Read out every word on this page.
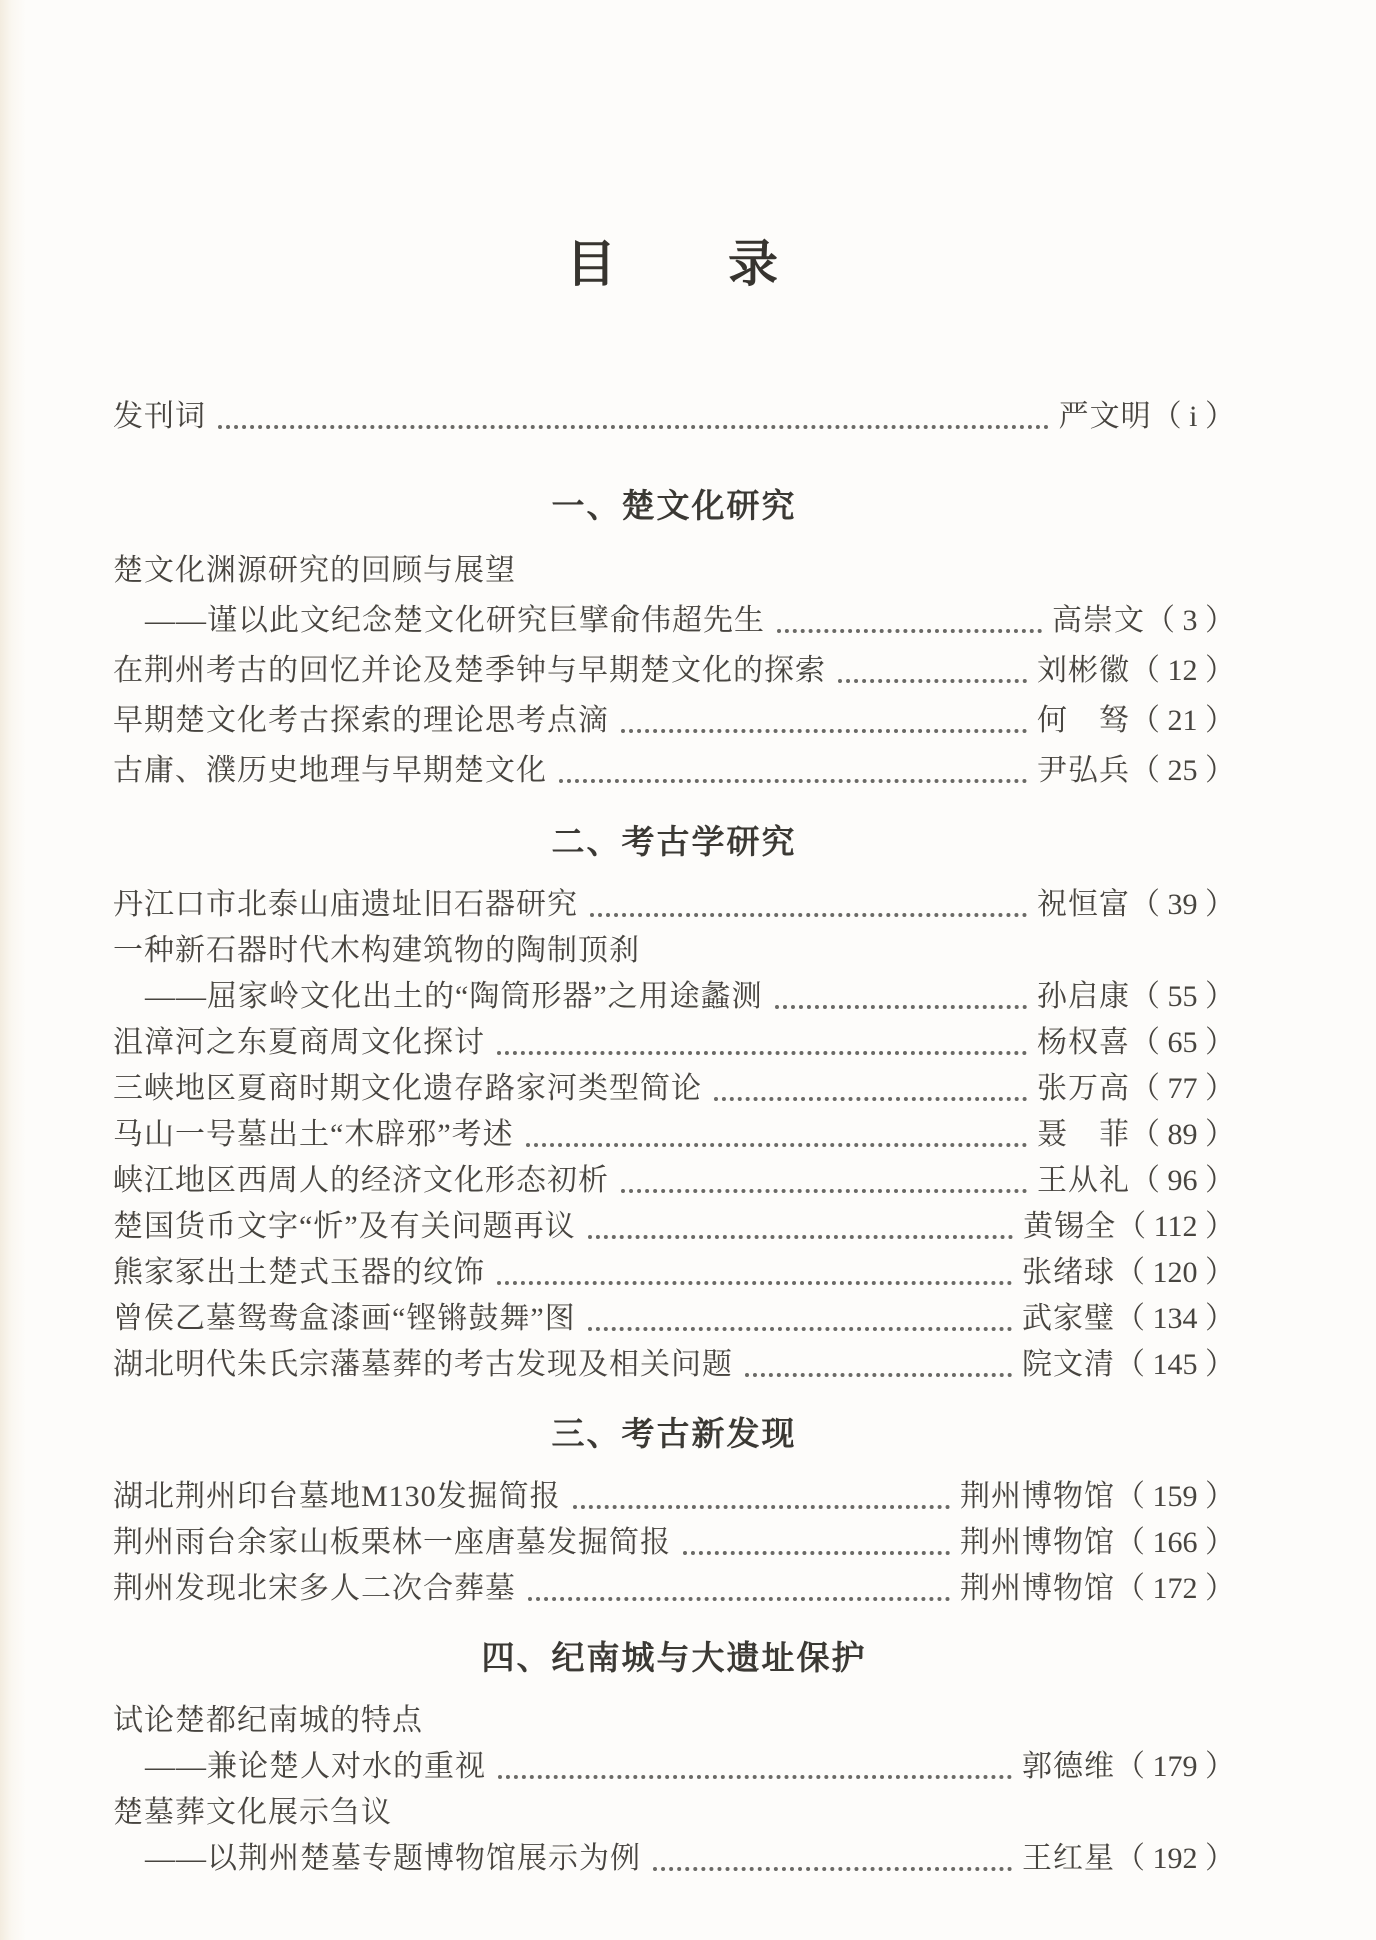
目　　录
发刊词	严文明 （ i ）
一、楚文化研究
楚文化渊源研究的回顾与展望
——谨以此文纪念楚文化研究巨擘俞伟超先生	高崇文 （ 3 ）
在荆州考古的回忆并论及楚季钟与早期楚文化的探索	刘彬徽 （ 12 ）
早期楚文化考古探索的理论思考点滴	何　驽 （ 21 ）
古庸、濮历史地理与早期楚文化	尹弘兵 （ 25 ）
二、考古学研究
丹江口市北泰山庙遗址旧石器研究	祝恒富 （ 39 ）
一种新石器时代木构建筑物的陶制顶刹
——屈家岭文化出土的“陶筒形器”之用途蠡测	孙启康 （ 55 ）
沮漳河之东夏商周文化探讨	杨权喜 （ 65 ）
三峡地区夏商时期文化遗存路家河类型简论	张万高 （ 77 ）
马山一号墓出土“木辟邪”考述	聂　菲 （ 89 ）
峡江地区西周人的经济文化形态初析	王从礼 （ 96 ）
楚国货币文字“忻”及有关问题再议	黄锡全 （ 112 ）
熊家冢出土楚式玉器的纹饰	张绪球 （ 120 ）
曾侯乙墓鸳鸯盒漆画“铿锵鼓舞”图	武家璧 （ 134 ）
湖北明代朱氏宗藩墓葬的考古发现及相关问题	院文清 （ 145 ）
三、考古新发现
湖北荆州印台墓地M130发掘简报	荆州博物馆 （ 159 ）
荆州雨台余家山板栗林一座唐墓发掘简报	荆州博物馆 （ 166 ）
荆州发现北宋多人二次合葬墓	荆州博物馆 （ 172 ）
四、纪南城与大遗址保护
试论楚都纪南城的特点
——兼论楚人对水的重视	郭德维 （ 179 ）
楚墓葬文化展示刍议
——以荆州楚墓专题博物馆展示为例	王红星 （ 192 ）
